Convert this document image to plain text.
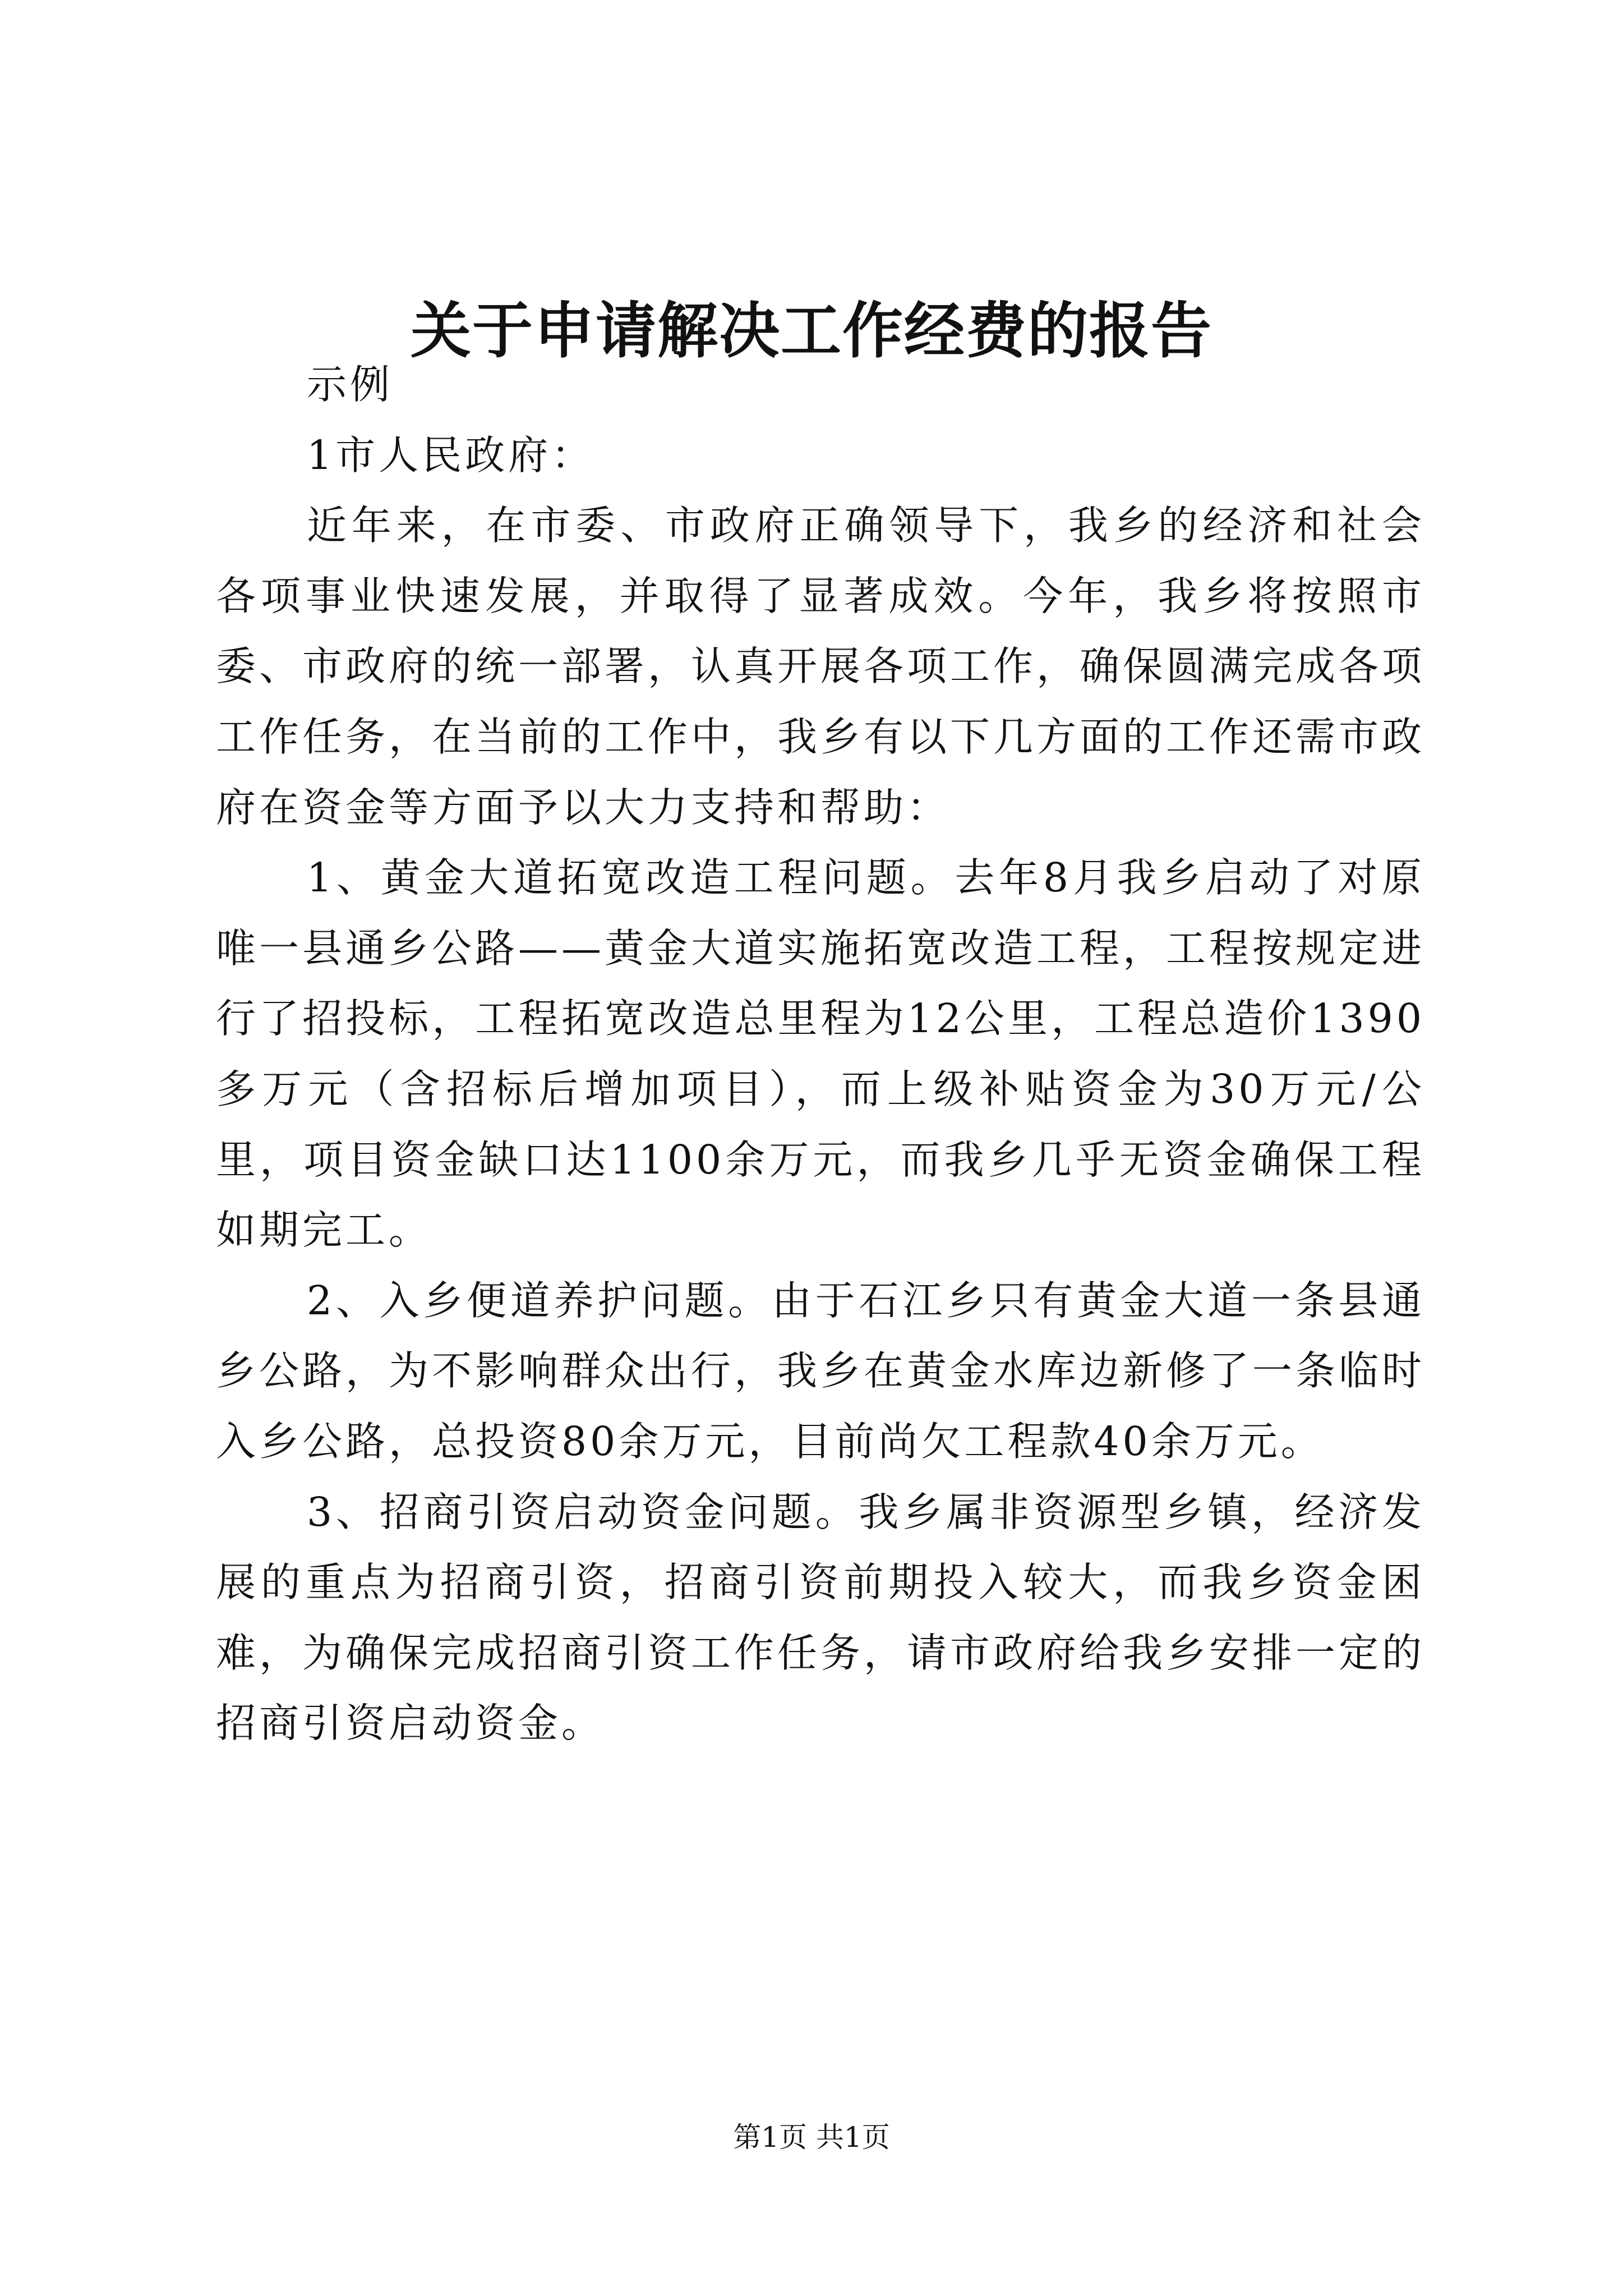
关于申请解决工作经费的报告

示例

1市人民政府：

近年来，在市委、市政府正确领导下，我乡的经济和社会各项事业快速发展，并取得了显著成效。今年，我乡将按照市委、市政府的统一部署，认真开展各项工作，确保圆满完成各项工作任务，在当前的工作中，我乡有以下几方面的工作还需市政府在资金等方面予以大力支持和帮助：

1、黄金大道拓宽改造工程问题。去年8月我乡启动了对原唯一县通乡公路——黄金大道实施拓宽改造工程，工程按规定进行了招投标，工程拓宽改造总里程为12公里，工程总造价1390多万元（含招标后增加项目），而上级补贴资金为30万元/公里，项目资金缺口达1100余万元，而我乡几乎无资金确保工程如期完工。

2、入乡便道养护问题。由于石江乡只有黄金大道一条县通乡公路，为不影响群众出行，我乡在黄金水库边新修了一条临时入乡公路，总投资80余万元，目前尚欠工程款40余万元。

3、招商引资启动资金问题。我乡属非资源型乡镇，经济发展的重点为招商引资，招商引资前期投入较大，而我乡资金困难，为确保完成招商引资工作任务，请市政府给我乡安排一定的招商引资启动资金。

第1页 共1页
